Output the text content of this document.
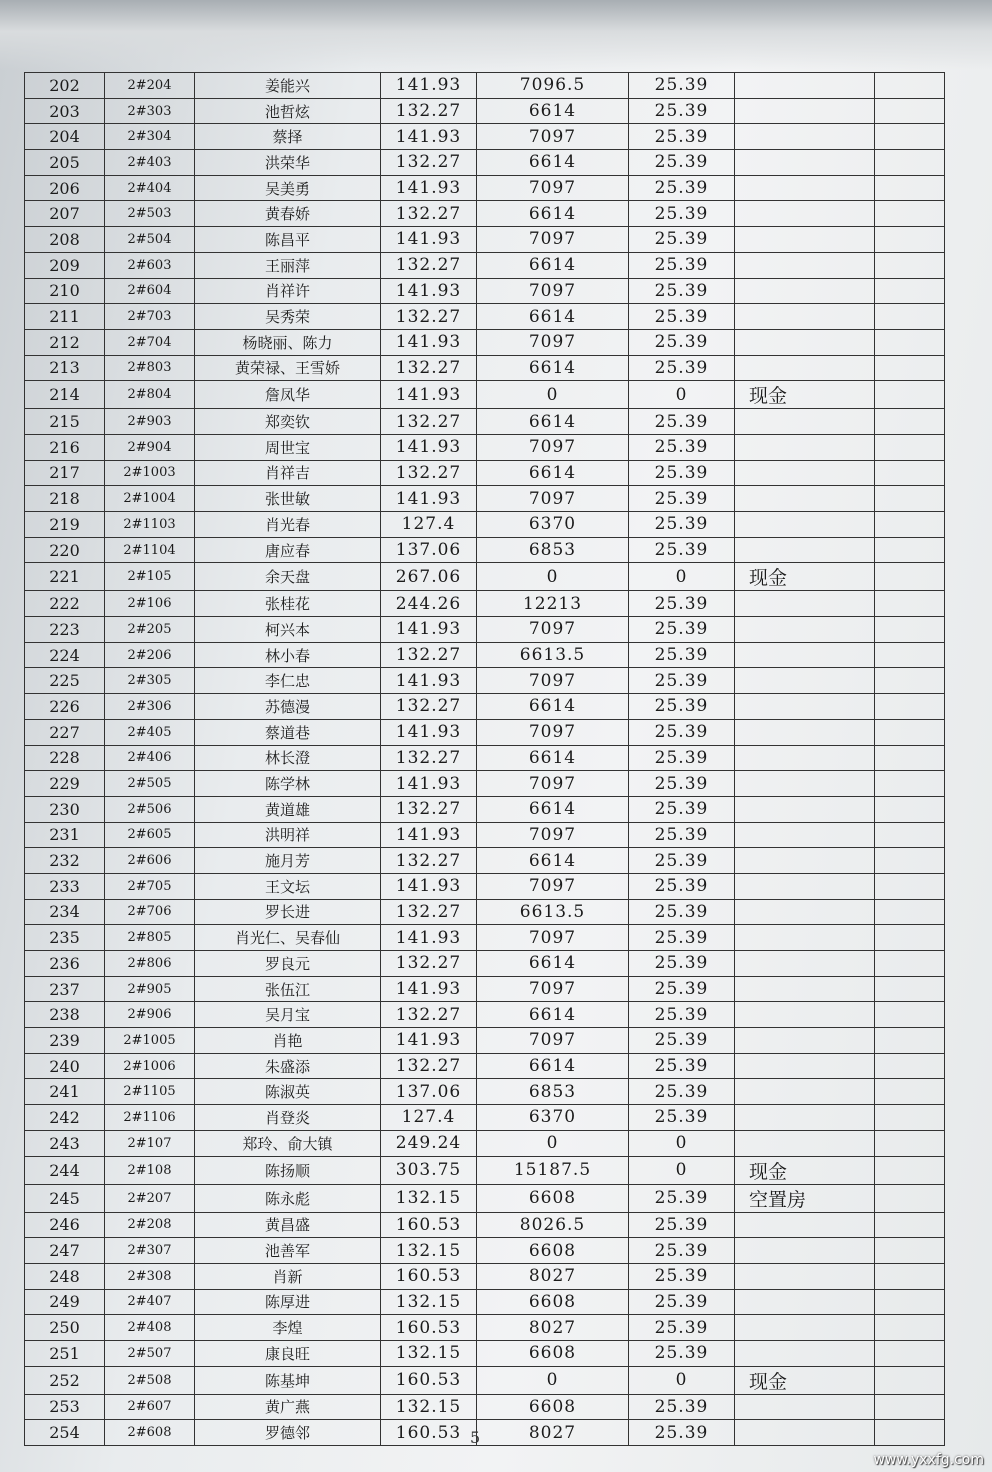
202	2#204	姜能兴	141.93	7096.5	25.39		
203	2#303	池哲炫	132.27	6614	25.39		
204	2#304	蔡择	141.93	7097	25.39		
205	2#403	洪荣华	132.27	6614	25.39		
206	2#404	吴美勇	141.93	7097	25.39		
207	2#503	黄春娇	132.27	6614	25.39		
208	2#504	陈昌平	141.93	7097	25.39		
209	2#603	王丽萍	132.27	6614	25.39		
210	2#604	肖祥许	141.93	7097	25.39		
211	2#703	吴秀荣	132.27	6614	25.39		
212	2#704	杨晓丽、陈力	141.93	7097	25.39		
213	2#803	黄荣禄、王雪娇	132.27	6614	25.39		
214	2#804	詹凤华	141.93	0	0	现金	
215	2#903	郑奕钦	132.27	6614	25.39		
216	2#904	周世宝	141.93	7097	25.39		
217	2#1003	肖祥吉	132.27	6614	25.39		
218	2#1004	张世敏	141.93	7097	25.39		
219	2#1103	肖光春	127.4	6370	25.39		
220	2#1104	唐应春	137.06	6853	25.39		
221	2#105	余天盘	267.06	0	0	现金	
222	2#106	张桂花	244.26	12213	25.39		
223	2#205	柯兴本	141.93	7097	25.39		
224	2#206	林小春	132.27	6613.5	25.39		
225	2#305	李仁忠	141.93	7097	25.39		
226	2#306	苏德漫	132.27	6614	25.39		
227	2#405	蔡道巷	141.93	7097	25.39		
228	2#406	林长澄	132.27	6614	25.39		
229	2#505	陈学林	141.93	7097	25.39		
230	2#506	黄道雄	132.27	6614	25.39		
231	2#605	洪明祥	141.93	7097	25.39		
232	2#606	施月芳	132.27	6614	25.39		
233	2#705	王文坛	141.93	7097	25.39		
234	2#706	罗长进	132.27	6613.5	25.39		
235	2#805	肖光仁、吴春仙	141.93	7097	25.39		
236	2#806	罗良元	132.27	6614	25.39		
237	2#905	张伍江	141.93	7097	25.39		
238	2#906	吴月宝	132.27	6614	25.39		
239	2#1005	肖艳	141.93	7097	25.39		
240	2#1006	朱盛添	132.27	6614	25.39		
241	2#1105	陈淑英	137.06	6853	25.39		
242	2#1106	肖登炎	127.4	6370	25.39		
243	2#107	郑玲、俞大镇	249.24	0	0		
244	2#108	陈扬顺	303.75	15187.5	0	现金	
245	2#207	陈永彪	132.15	6608	25.39	空置房	
246	2#208	黄昌盛	160.53	8026.5	25.39		
247	2#307	池善军	132.15	6608	25.39		
248	2#308	肖新	160.53	8027	25.39		
249	2#407	陈厚进	132.15	6608	25.39		
250	2#408	李煌	160.53	8027	25.39		
251	2#507	康良旺	132.15	6608	25.39		
252	2#508	陈基坤	160.53	0	0	现金	
253	2#607	黄广燕	132.15	6608	25.39		
254	2#608	罗德邻	160.53	8027	25.39		
5
www.yxxfg.com
